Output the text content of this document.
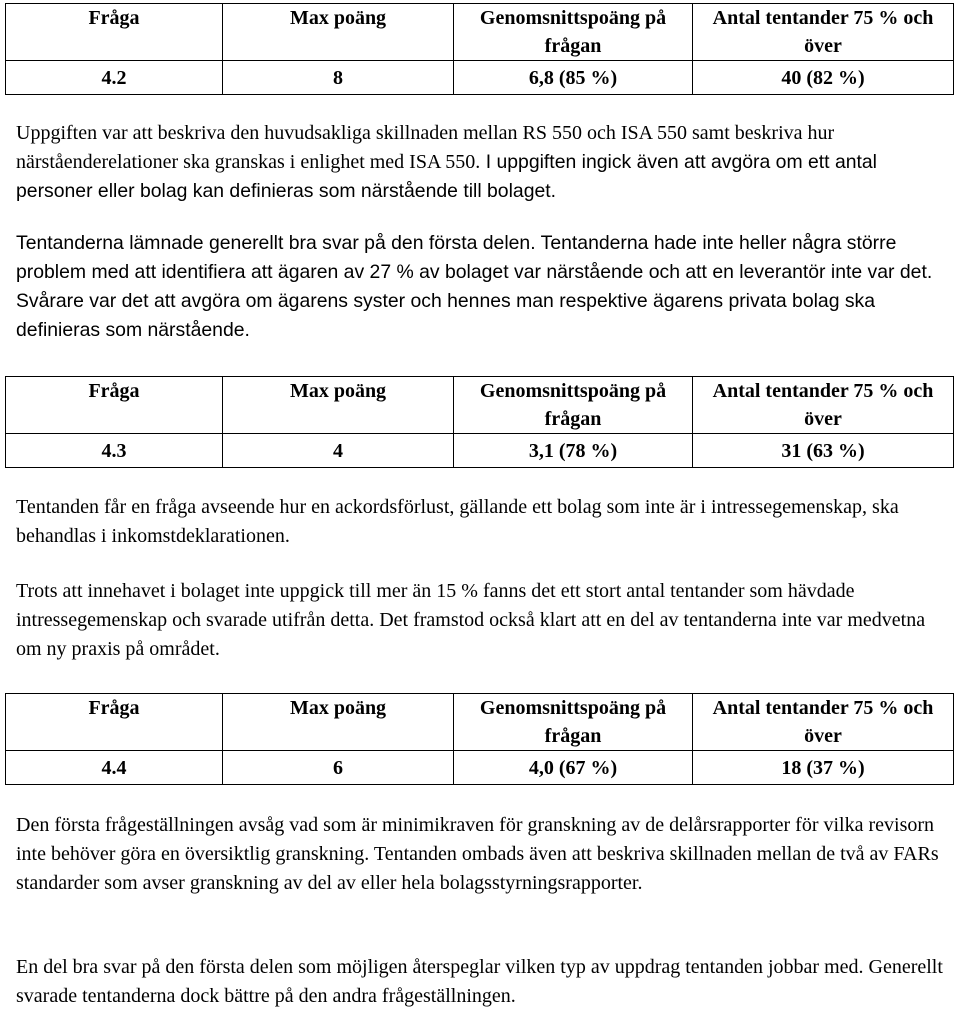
Fråga	Max poäng	Genomsnittspoäng på frågan	Antal tentander 75 % och över
4.2	8	6,8 (85 %)	40 (82 %)

Uppgiften var att beskriva den huvudsakliga skillnaden mellan RS 550 och ISA 550 samt beskriva hur närståenderelationer ska granskas i enlighet med ISA 550. I uppgiften ingick även att avgöra om ett antal personer eller bolag kan definieras som närstående till bolaget.

Tentanderna lämnade generellt bra svar på den första delen. Tentanderna hade inte heller några större problem med att identifiera att ägaren av 27 % av bolaget var närstående och att en leverantör inte var det. Svårare var det att avgöra om ägarens syster och hennes man respektive ägarens privata bolag ska definieras som närstående.

Fråga	Max poäng	Genomsnittspoäng på frågan	Antal tentander 75 % och över
4.3	4	3,1 (78 %)	31 (63 %)

Tentanden får en fråga avseende hur en ackordsförlust, gällande ett bolag som inte är i intressegemenskap, ska behandlas i inkomstdeklarationen.

Trots att innehavet i bolaget inte uppgick till mer än 15 % fanns det ett stort antal tentander som hävdade intressegemenskap och svarade utifrån detta. Det framstod också klart att en del av tentanderna inte var medvetna om ny praxis på området.

Fråga	Max poäng	Genomsnittspoäng på frågan	Antal tentander 75 % och över
4.4	6	4,0 (67 %)	18 (37 %)

Den första frågeställningen avsåg vad som är minimikraven för granskning av de delårsrapporter för vilka revisorn inte behöver göra en översiktlig granskning. Tentanden ombads även att beskriva skillnaden mellan de två av FARs standarder som avser granskning av del av eller hela bolagsstyrningsrapporter.

En del bra svar på den första delen som möjligen återspeglar vilken typ av uppdrag tentanden jobbar med. Generellt svarade tentanderna dock bättre på den andra frågeställningen.
